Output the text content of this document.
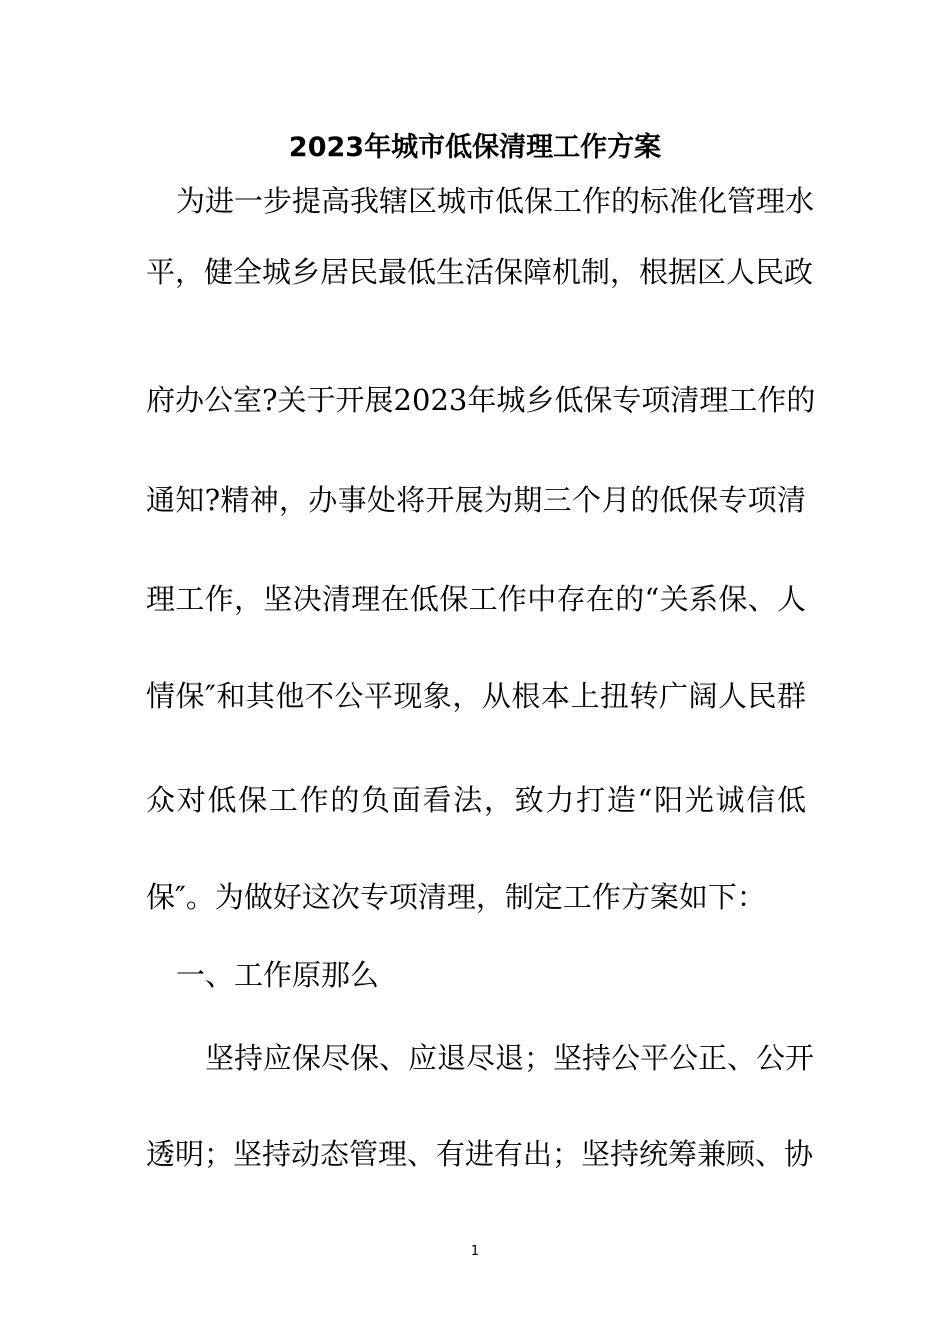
2023年城市低保清理工作方案
为进一步提高我辖区城市低保工作的标准化管理水
平，健全城乡居民最低生活保障机制，根据区人民政
府办公室?关于开展2023年城乡低保专项清理工作的
通知?精神，办事处将开展为期三个月的低保专项清
理工作，坚决清理在低保工作中存在的“关系保、人
情保″和其他不公平现象，从根本上扭转广阔人民群
众对低保工作的负面看法，致力打造“阳光诚信低
保″。为做好这次专项清理，制定工作方案如下：
一、工作原那么
坚持应保尽保、应退尽退；坚持公平公正、公开
透明；坚持动态管理、有进有出；坚持统筹兼顾、协
1
